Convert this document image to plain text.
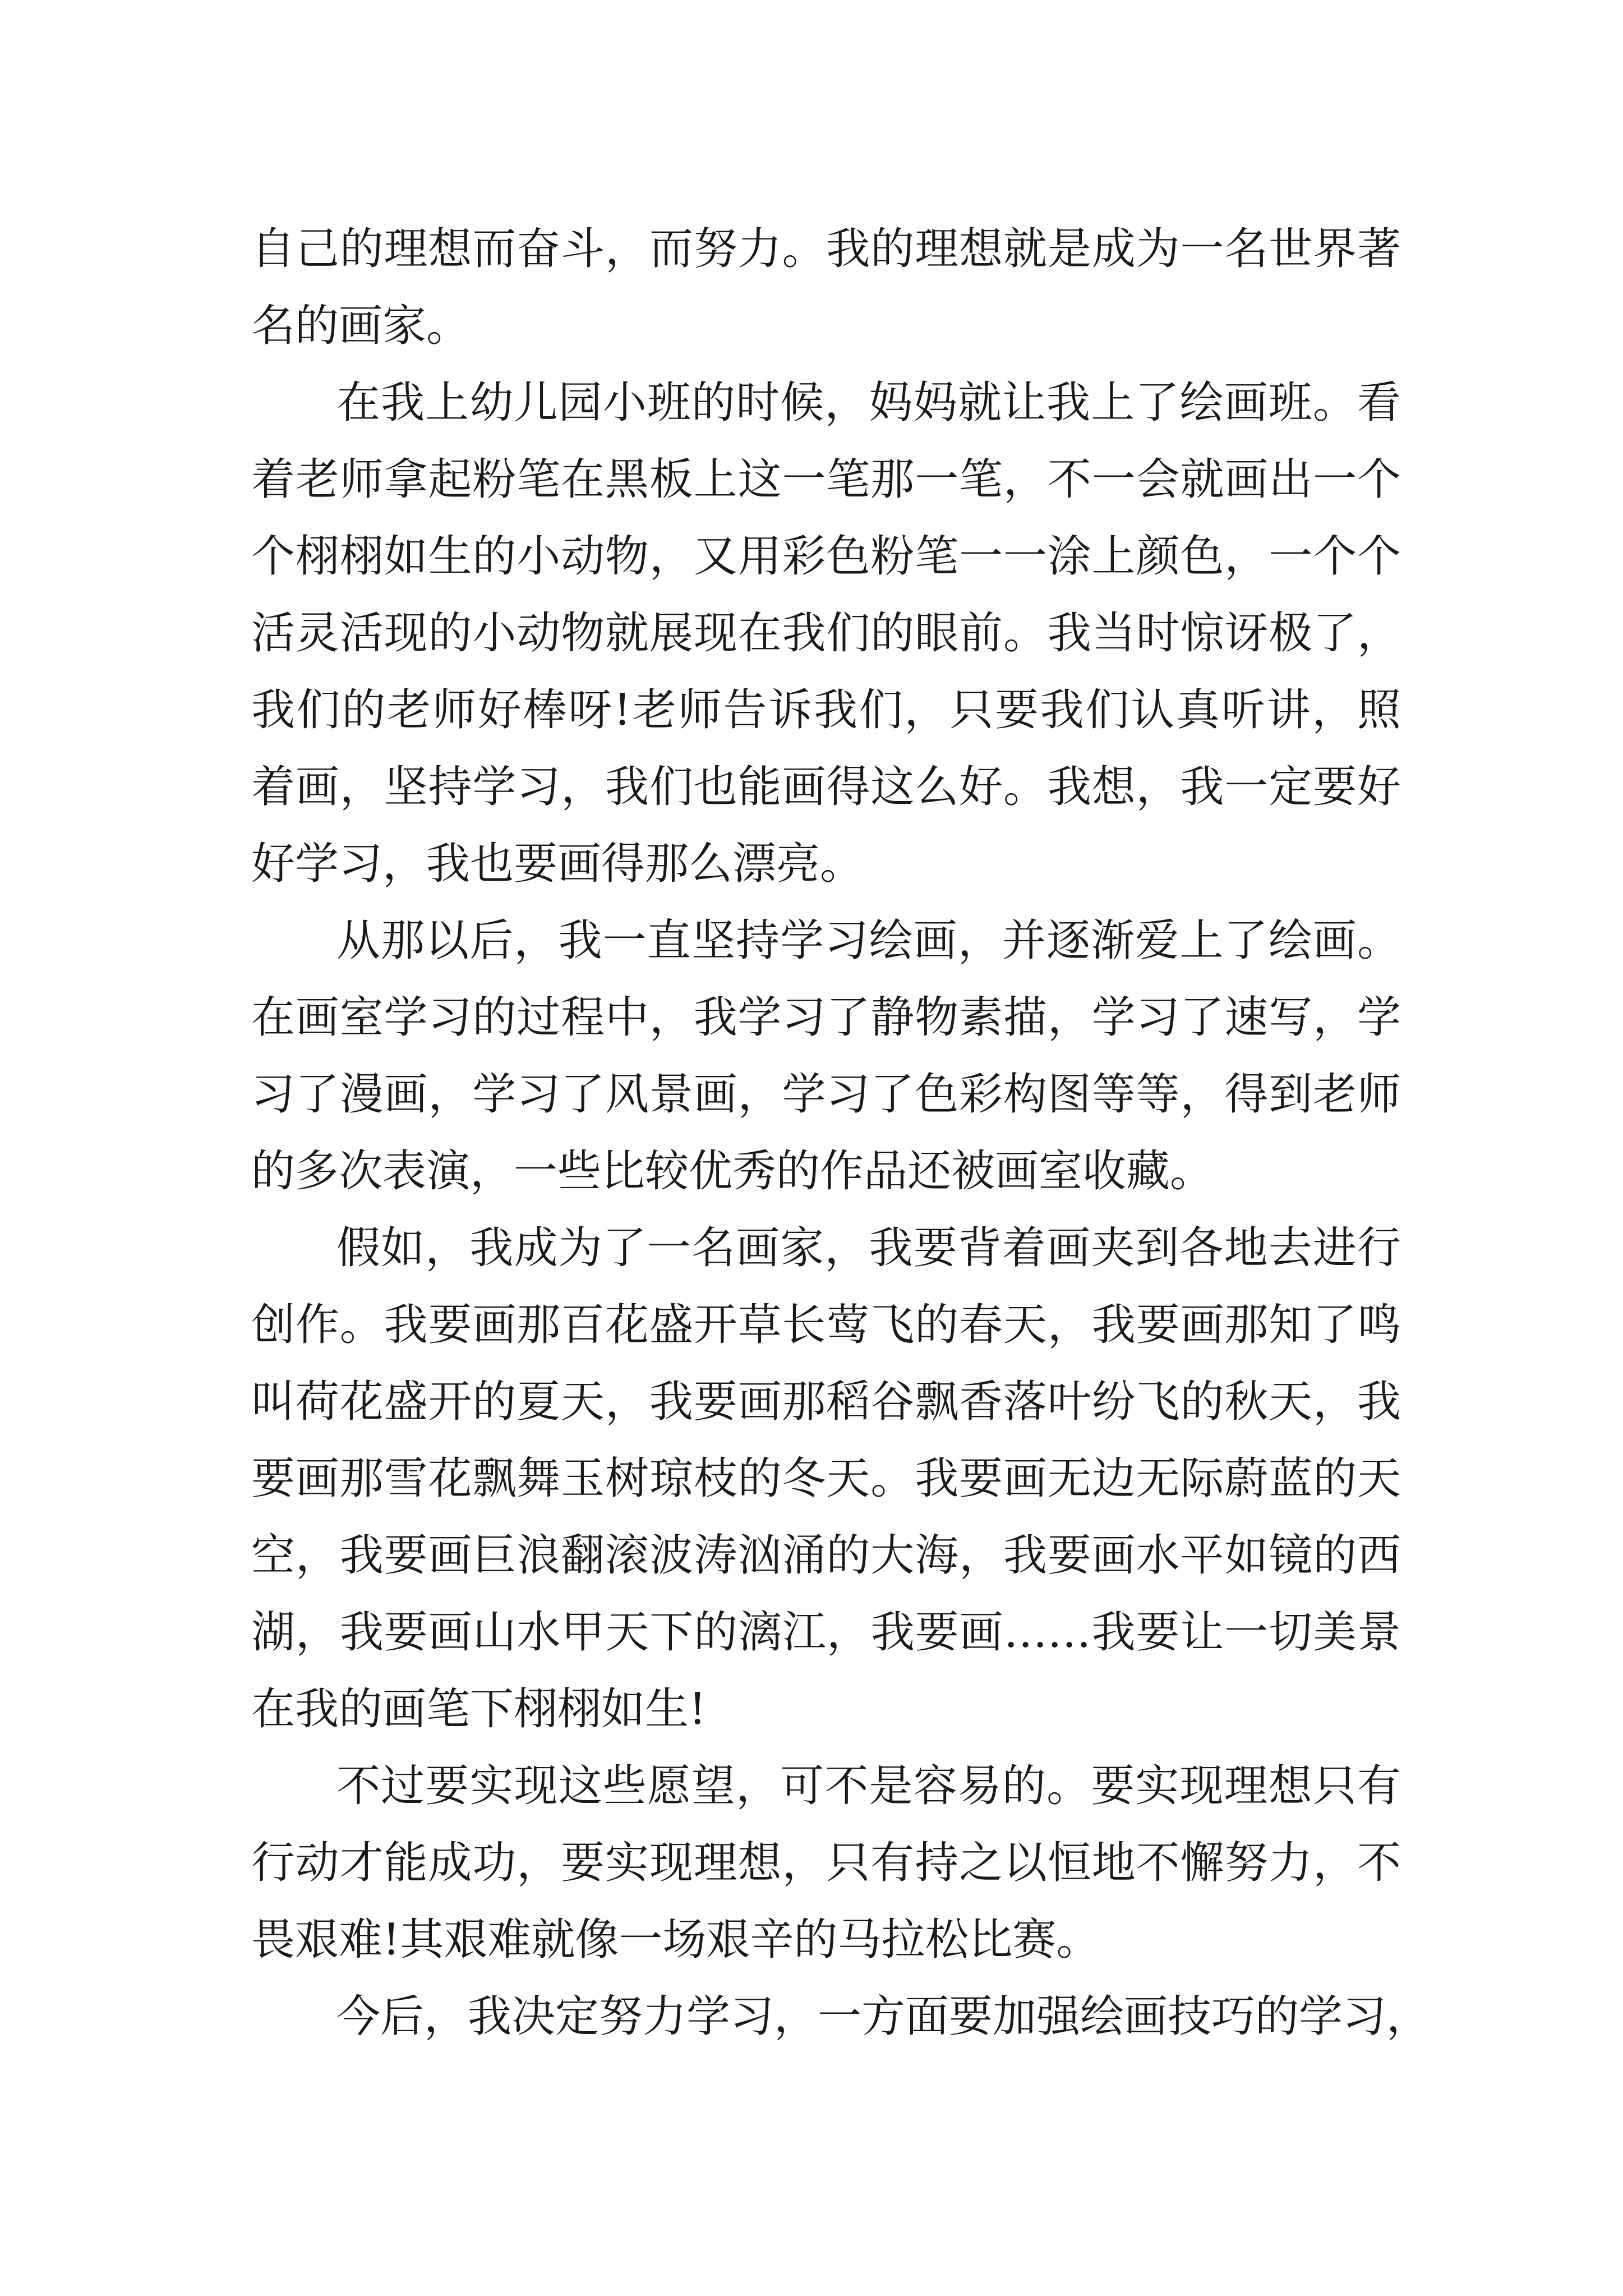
自己的理想而奋斗，而努力。我的理想就是成为一名世界著
名的画家。
在我上幼儿园小班的时候，妈妈就让我上了绘画班。看
着老师拿起粉笔在黑板上这一笔那一笔，不一会就画出一个
个栩栩如生的小动物，又用彩色粉笔一一涂上颜色，一个个
活灵活现的小动物就展现在我们的眼前。我当时惊讶极了，
我们的老师好棒呀!老师告诉我们，只要我们认真听讲，照
着画，坚持学习，我们也能画得这么好。我想，我一定要好
好学习，我也要画得那么漂亮。
从那以后，我一直坚持学习绘画，并逐渐爱上了绘画。
在画室学习的过程中，我学习了静物素描，学习了速写，学
习了漫画，学习了风景画，学习了色彩构图等等，得到老师
的多次表演，一些比较优秀的作品还被画室收藏。
假如，我成为了一名画家，我要背着画夹到各地去进行
创作。我要画那百花盛开草长莺飞的春天，我要画那知了鸣
叫荷花盛开的夏天，我要画那稻谷飘香落叶纷飞的秋天，我
要画那雪花飘舞玉树琼枝的冬天。我要画无边无际蔚蓝的天
空，我要画巨浪翻滚波涛汹涌的大海，我要画水平如镜的西
湖，我要画山水甲天下的漓江，我要画……我要让一切美景
在我的画笔下栩栩如生!
不过要实现这些愿望，可不是容易的。要实现理想只有
行动才能成功，要实现理想，只有持之以恒地不懈努力，不
畏艰难!其艰难就像一场艰辛的马拉松比赛。
今后，我决定努力学习，一方面要加强绘画技巧的学习，
